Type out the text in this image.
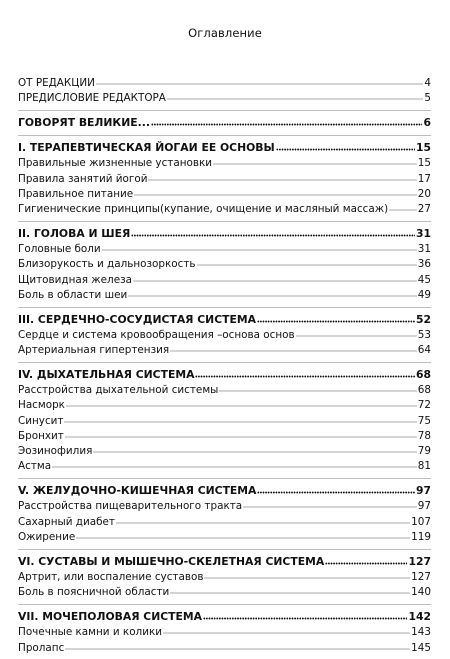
Оглавление
ОТ РЕДАКЦИИ	4
ПРЕДИСЛОВИЕ РЕДАКТОРА	5
ГОВОРЯТ ВЕЛИКИЕ...	6
I. ТЕРАПЕВТИЧЕСКАЯ ЙОГАИ ЕЕ ОСНОВЫ	15
Правильные жизненные установки	15
Правила занятий йогой	17
Правильное питание	20
Гигиенические принципы(купание, очищение и масляный массаж)	27
II. ГОЛОВА И ШЕЯ	31
Головные боли	31
Близорукость и дальнозоркость	36
Щитовидная железа	45
Боль в области шеи	49
III. СЕРДЕЧНО-СОСУДИСТАЯ СИСТЕМА	52
Сердце и система кровообращения –основа основ	53
Артериальная гипертензия	64
IV. ДЫХАТЕЛЬНАЯ СИСТЕМА	68
Расстройства дыхательной системы	68
Насморк	72
Синусит	75
Бронхит	78
Эозинофилия	79
Астма	81
V. ЖЕЛУДОЧНО-КИШЕЧНАЯ СИСТЕМА	97
Расстройства пищеварительного тракта	97
Сахарный диабет	107
Ожирение	119
VI. СУСТАВЫ И МЫШЕЧНО-СКЕЛЕТНАЯ СИСТЕМА	127
Артрит, или воспаление суставов	127
Боль в поясничной области	140
VII. МОЧЕПОЛОВАЯ СИСТЕМА	142
Почечные камни и колики	143
Пролапс	145
